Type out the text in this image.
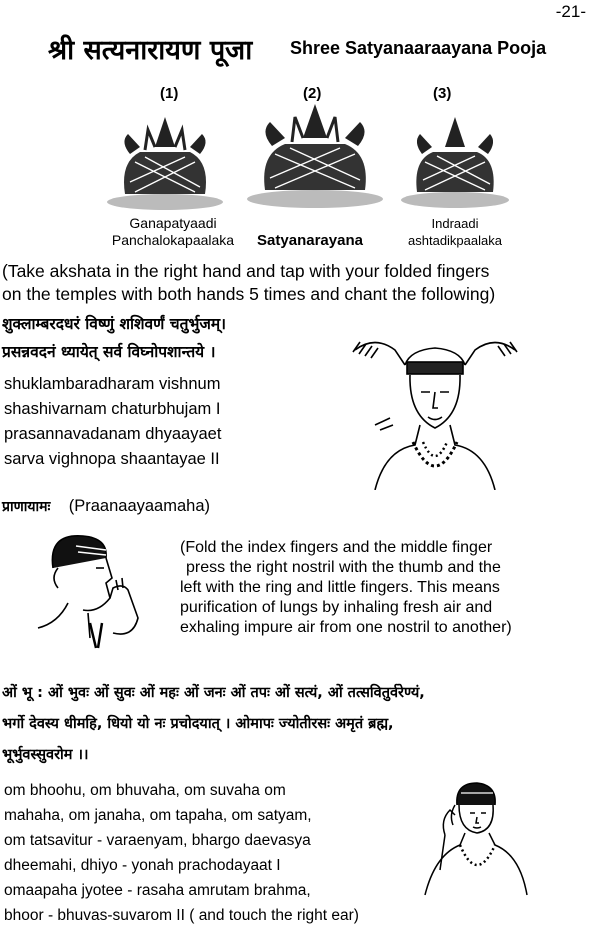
-21-
श्री सत्यनारायण पूजा Shree Satyanaaraayana Pooja
(1)	(2)	(3)
Ganapatyaadi
Panchalokapaalaka	Satyanarayana
Indraadi
ashtadikpaalaka
(Take akshata in the right hand and tap with your folded fingers
on the temples with both hands 5 times and chant the following)
शुक्लाम्बरदधरं विष्णुं शशिवर्णं चतुर्भुजम्।
प्रसन्नवदनं ध्यायेत् सर्व विघ्नोपशान्तये ।
shuklambaradharam vishnum
shashivarnam chaturbhujam I
prasannavadanam dhyaayaet
sarva vighnopa shaantayae II
प्राणायामः (Praanaayaamaha)
(Fold the index fingers and the middle finger
press the right nostril with the thumb and the
left with the ring and little fingers. This means
purification of lungs by inhaling fresh air and
exhaling impure air from one nostril to another)
ओं भू : ओं भुवः ओं सुवः ओं महः ओं जनः ओं तपः ओं सत्यं, ओं तत्सवितुर्वरेण्यं,
भर्गो देवस्य धीमहि, धियो यो नः प्रचोदयात् । ओमापः ज्योतीरसः अमृतं ब्रह्म,
भूर्भुवस्सुवरोम ।।
om bhoohu, om bhuvaha, om suvaha om
mahaha, om janaha, om tapaha, om satyam,
om tatsavitur - varaenyam, bhargo daevasya
dheemahi, dhiyo - yonah prachodayaat I
omaapaha jyotee - rasaha amrutam brahma,
bhoor - bhuvas-suvarom II ( and touch the right ear)
